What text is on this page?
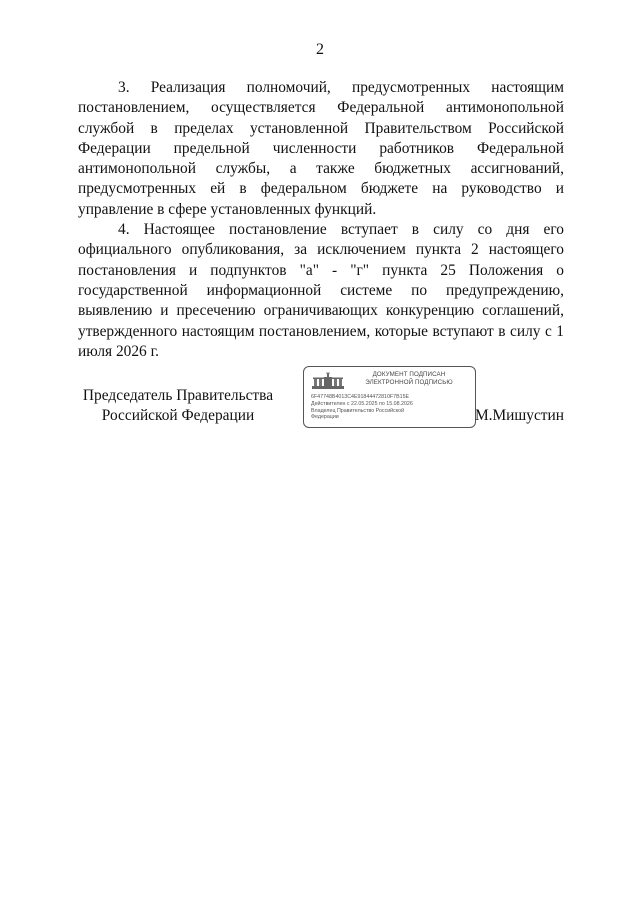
2

3. Реализация полномочий, предусмотренных настоящим постановлением, осуществляется Федеральной антимонопольной службой в пределах установленной Правительством Российской Федерации предельной численности работников Федеральной антимонопольной службы, а также бюджетных ассигнований, предусмотренных ей в федеральном бюджете на руководство и управление в сфере установленных функций.

4. Настоящее постановление вступает в силу со дня его официального опубликования, за исключением пункта 2 настоящего постановления и подпунктов "а" - "г" пункта 25 Положения о государственной информационной системе по предупреждению, выявлению и пресечению ограничивающих конкуренцию соглашений, утвержденного настоящим постановлением, которые вступают в силу с 1 июля 2026 г.

Председатель Правительства
Российской Федерации
ДОКУМЕНТ ПОДПИСАН
ЭЛЕКТРОННОЙ ПОДПИСЬЮ
6F47748B4013C4E91844472810F7B15E
Действителен с 22.05.2025 по 15.08.2026
Владелец Правительство Российской
Федерации	М.Мишустин
